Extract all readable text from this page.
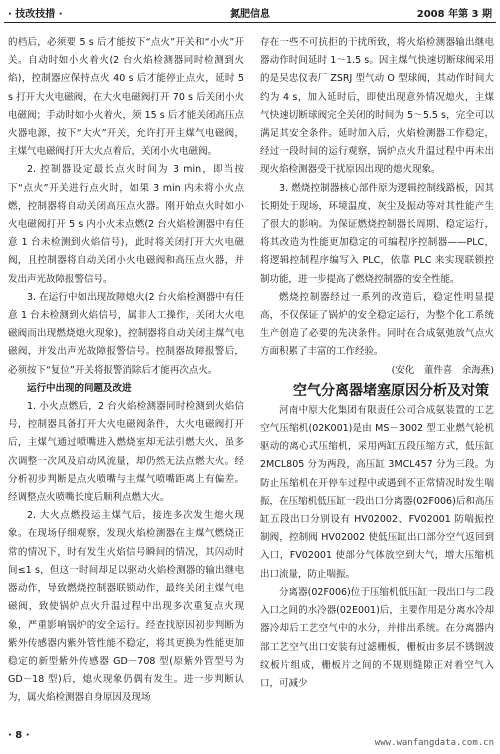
· 技改技措 ·	氮肥信息	2008 年第 3 期

的档后，必须要 5 s 后才能按下“点火”开关和“小火”开关。自动时如小火着火(2 台火焰检测器同时检测到火焰)，控制器应保持点火 40 s 后才能停止点火，延时 5 s 打开大火电磁阀，在大火电磁阀打开 70 s 后关闭小火电磁阀；手动时如小火着火，须 15 s 后才能关闭高压点火器电源，按下“大火”开关，允许打开主煤气电磁阀，主煤气电磁阀打开大火点着后，关闭小火电磁阀。

2. 控制器设定最长点火时间为 3 min，即当按下“点火”开关进行点火时，如果 3 min 内未将小火点燃，控制器将自动关闭高压点火器。刚开始点火时如小火电磁阀打开 5 s 内小火未点燃(2 台火焰检测器中有任意 1 台未检测到火焰信号)，此时将关闭打开大火电磁阀，且控制器将自动关闭小火电磁阀和高压点火器，并发出声光故障报警信号。

3. 在运行中如出现故障熄火(2 台火焰检测器中有任意 1 台未检测到火焰信号，属非人工操作，关闭大火电磁阀而出现燃烧熄火现象)，控制器将自动关闭主煤气电磁阀，并发出声光故障报警信号。控制器故障报警后，必须按下“复位”开关将报警消除后才能再次点火。

运行中出现的问题及改进

1. 小火点燃后，2 台火焰检测器同时检测到火焰信号，控制器具备打开大火电磁阀条件，大火电磁阀打开后，主煤气通过喷嘴进入燃烧室却无法引燃大火，虽多次调整一次风及启动风流量，却仍然无法点燃大火。经分析初步判断是点火喷嘴与主煤气喷嘴距离上有偏差。经调整点火喷嘴长度后顺利点燃大火。

2. 大火点燃投运主煤气后，接连多次发生熄火现象。在现场仔细观察，发现火焰检测器在主煤气燃烧正常的情况下，时有发生火焰信号瞬间的情况，其闪动时间≤1 s，但这一时间却足以驱动火焰检测器的输出继电器动作，导致燃烧控制器联锁动作，最终关闭主煤气电磁阀，致使锅炉点火升温过程中出现多次重复点火现象，严重影响锅炉的安全运行。经查找原因初步判断为紫外传感器内紫外管性能不稳定，将其更换为性能更加稳定的新型紫外传感器 GD－708 型(原紫外管型号为 GD－18 型)后，熄火现象仍偶有发生。进一步判断认为，属火焰检测器自身原因及现场

存在一些不可抗拒的干扰所致，将火焰检测器输出继电器动作时间延时 1～1.5 s。因主煤气快速切断球阀采用的是吴忠仪表厂 ZSRJ 型气动 O 型球阀，其动作时间大约为 4 s，加入延时后，即使出现意外情况熄火，主煤气快速切断球阀完全关闭的时间为 5～5.5 s，完全可以满足其安全条件。延时加入后，火焰检测器工作稳定，经过一段时间的运行观察，锅炉点火升温过程中再未出现火焰检测器受干扰原因出现的熄火现象。

3. 燃烧控制器核心部件原为逻辑控制线路板，因其长期处于现场，环境温度、灰尘及振动等对其性能产生了很大的影响。为保证燃烧控制器长周期、稳定运行，将其改造为性能更加稳定的可编程序控制器——PLC，将逻辑控制程序编写入 PLC，依靠 PLC 来实现联锁控制功能，进一步提高了燃烧控制器的安全性能。

燃烧控制器经过一系列的改造后，稳定性明显提高，不仅保证了锅炉的安全稳定运行，为整个化工系统生产创造了必要的先决条件。同时在合成氨弛放气点火方面积累了丰富的工作经验。

(安化　董件喜　余海燕)

空气分离器堵塞原因分析及对策

河南中原大化集团有限责任公司合成氨装置的工艺空气压缩机(02K001)是由 MS－3002 型工业燃气轮机驱动的离心式压缩机，采用两缸五段压缩方式，低压缸 2MCL805 分为两段，高压缸 3MCL457 分为三段。为防止压缩机在开停车过程中或遇到不正常情况时发生喘振，在压缩机低压缸一段出口分离器(02F006)后和高压缸五段出口分别设有 HV02002、FV02001 防喘振控制阀，控制阀 HV02002 使低压缸出口部分空气返回到入口，FV02001 使部分气体放空到大气，增大压缩机出口流量，防止喘振。

分离器(02F006)位于压缩机低压缸一段出口与二段入口之间的水冷器(02E001)后，主要作用是分离水冷却器冷却后工艺空气中的水分，并排出系统。在分离器内部工艺空气出口安装有过滤栅板，栅板由多层不锈钢波纹板片组成，栅板片之间的不规则缝隙正对着空气入口，可减少

· 8 ·
www.wanfangdata.com.cn
